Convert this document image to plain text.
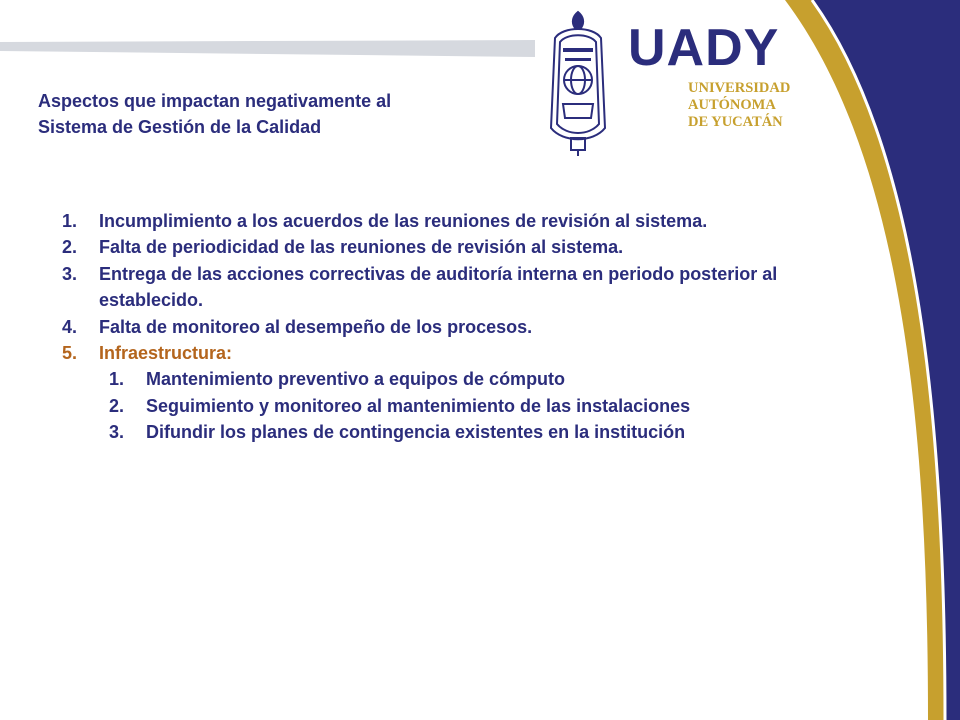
UADY
UNIVERSIDAD
AUTÓNOMA
DE YUCATÁN
Aspectos que impactan negativamente al
Sistema de Gestión de la Calidad
1. Incumplimiento a los acuerdos de las reuniones de revisión al sistema.
2. Falta de periodicidad de las reuniones de revisión al sistema.
3. Entrega de las acciones correctivas de auditoría interna en periodo posterior al establecido.
4. Falta de monitoreo al desempeño de los procesos.
5. Infraestructura:
1. Mantenimiento preventivo a equipos de cómputo
2. Seguimiento y monitoreo al mantenimiento de las instalaciones
3. Difundir los planes de contingencia existentes en la institución
